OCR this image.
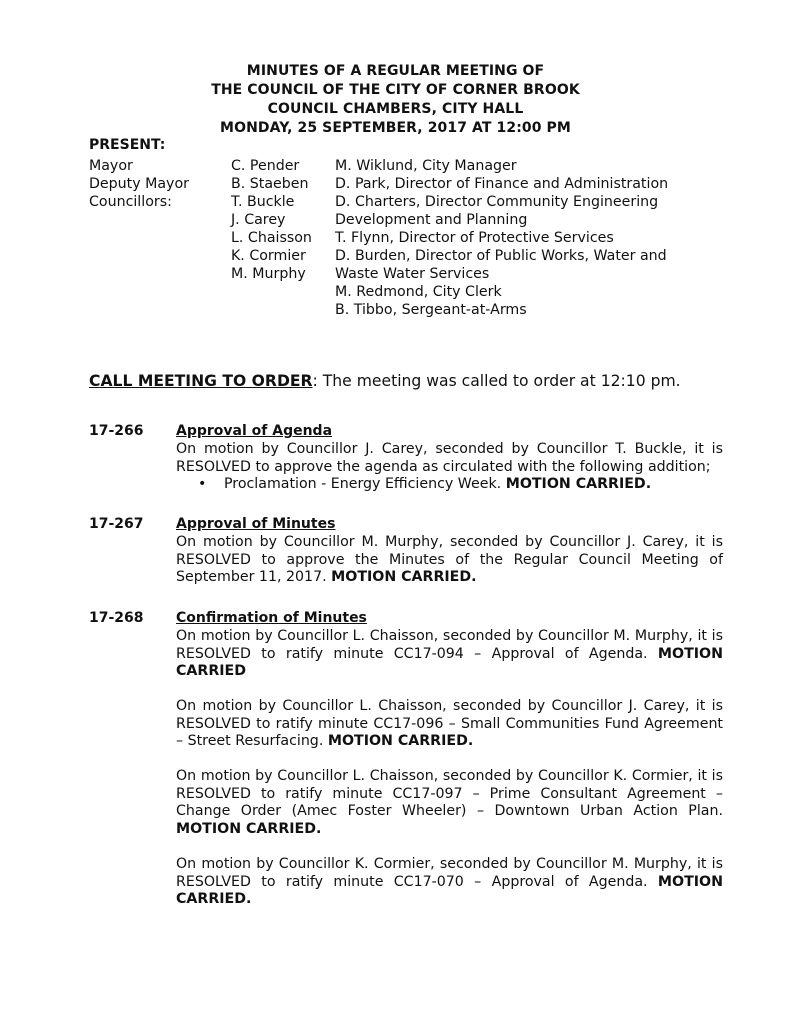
MINUTES OF A REGULAR MEETING OF
THE COUNCIL OF THE CITY OF CORNER BROOK
COUNCIL CHAMBERS, CITY HALL
MONDAY, 25 SEPTEMBER, 2017 AT 12:00 PM
PRESENT:
Mayor
Deputy Mayor
Councillors:
C. Pender
B. Staeben
T. Buckle
J. Carey
L. Chaisson
K. Cormier
M. Murphy
M. Wiklund, City Manager
D. Park, Director of Finance and Administration
D. Charters, Director Community Engineering
Development and Planning
T. Flynn, Director of Protective Services
D. Burden, Director of Public Works, Water and
Waste Water Services
M. Redmond, City Clerk
B. Tibbo, Sergeant-at-Arms
CALL MEETING TO ORDER: The meeting was called to order at 12:10 pm.
17-266 Approval of Agenda
On motion by Councillor J. Carey, seconded by Councillor T. Buckle, it is RESOLVED to approve the agenda as circulated with the following addition;
• Proclamation - Energy Efficiency Week. MOTION CARRIED.
17-267 Approval of Minutes
On motion by Councillor M. Murphy, seconded by Councillor J. Carey, it is RESOLVED to approve the Minutes of the Regular Council Meeting of September 11, 2017. MOTION CARRIED.
17-268 Confirmation of Minutes
On motion by Councillor L. Chaisson, seconded by Councillor M. Murphy, it is RESOLVED to ratify minute CC17-094 – Approval of Agenda. MOTION CARRIED
On motion by Councillor L. Chaisson, seconded by Councillor J. Carey, it is RESOLVED to ratify minute CC17-096 – Small Communities Fund Agreement – Street Resurfacing. MOTION CARRIED.
On motion by Councillor L. Chaisson, seconded by Councillor K. Cormier, it is RESOLVED to ratify minute CC17-097 – Prime Consultant Agreement – Change Order (Amec Foster Wheeler) – Downtown Urban Action Plan. MOTION CARRIED.
On motion by Councillor K. Cormier, seconded by Councillor M. Murphy, it is RESOLVED to ratify minute CC17-070 – Approval of Agenda. MOTION CARRIED.
